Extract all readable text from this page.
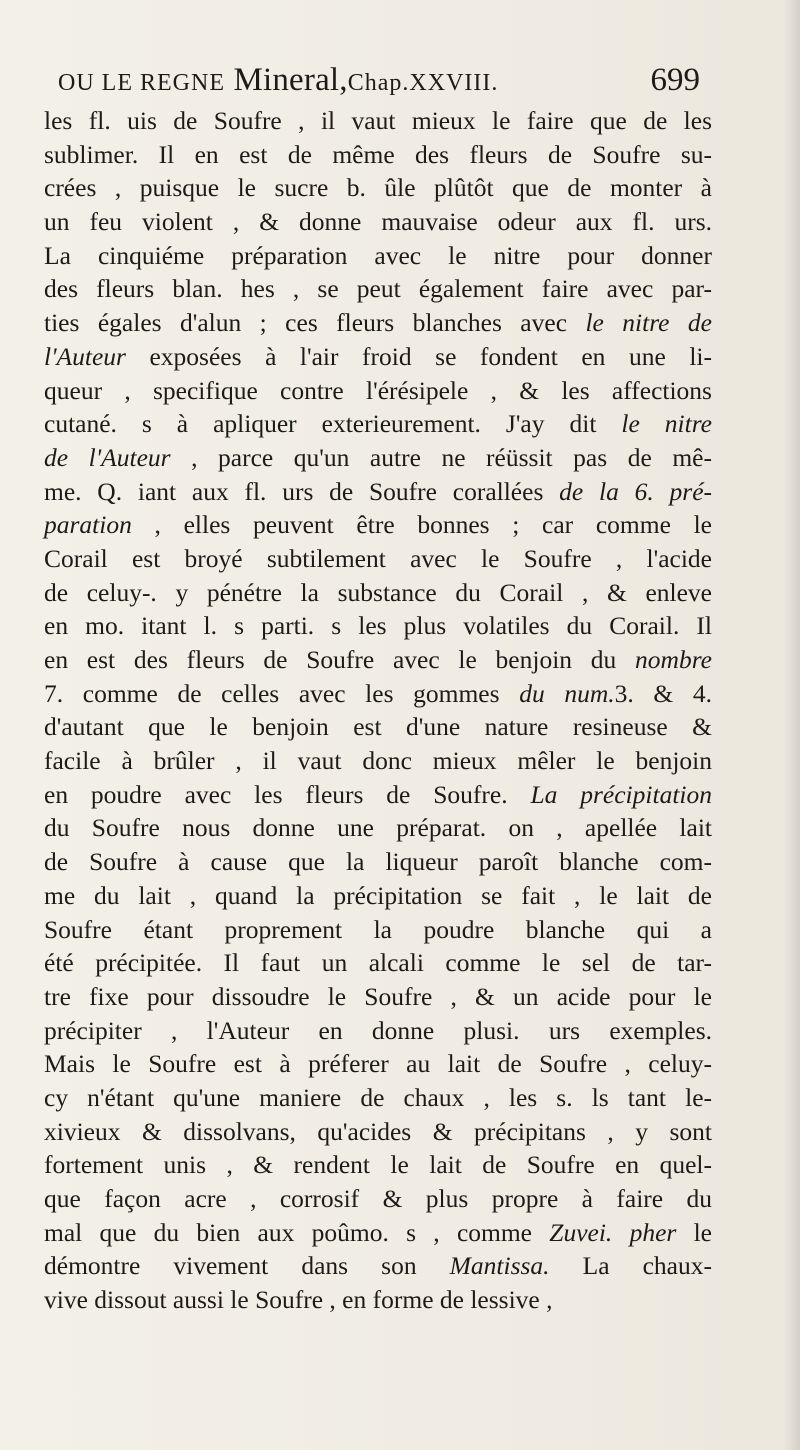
OU LE REGNE Mineral,Chap.XXVIII.	699
les fl. uis de Soufre , il vaut mieux le faire que de les
sublimer. Il en est de même des fleurs de Soufre su-
crées , puisque le sucre b. ûle plûtôt que de monter à
un feu violent , & donne mauvaise odeur aux fl. urs.
La cinquiéme préparation avec le nitre pour donner
des fleurs blan. hes , se peut également faire avec par-
ties égales d'alun ; ces fleurs blanches avec le nitre de
l'Auteur exposées à l'air froid se fondent en une li-
queur , specifique contre l'érésipele , & les affections
cutané. s à apliquer exterieurement. J'ay dit le nitre
de l'Auteur , parce qu'un autre ne réüssit pas de mê-
me. Q. iant aux fl. urs de Soufre corallées de la 6. pré-
paration , elles peuvent être bonnes ; car comme le
Corail est broyé subtilement avec le Soufre , l'acide
de celuy-. y pénétre la substance du Corail , & enleve
en mo. itant l. s parti. s les plus volatiles du Corail. Il
en est des fleurs de Soufre avec le benjoin du nombre
7. comme de celles avec les gommes du num.3. & 4.
d'autant que le benjoin est d'une nature resineuse &
facile à brûler , il vaut donc mieux mêler le benjoin
en poudre avec les fleurs de Soufre. La précipitation
du Soufre nous donne une préparat. on , apellée lait
de Soufre à cause que la liqueur paroît blanche com-
me du lait , quand la précipitation se fait , le lait de
Soufre étant proprement la poudre blanche qui a
été précipitée. Il faut un alcali comme le sel de tar-
tre fixe pour dissoudre le Soufre , & un acide pour le
précipiter , l'Auteur en donne plusi. urs exemples.
Mais le Soufre est à préferer au lait de Soufre , celuy-
cy n'étant qu'une maniere de chaux , les s. ls tant le-
xivieux & dissolvans, qu'acides & précipitans , y sont
fortement unis , & rendent le lait de Soufre en quel-
que façon acre , corrosif & plus propre à faire du
mal que du bien aux poûmo. s , comme Zuvei. pher le
démontre vivement dans son Mantissa. La chaux-
vive dissout aussi le Soufre , en forme de lessive ,
